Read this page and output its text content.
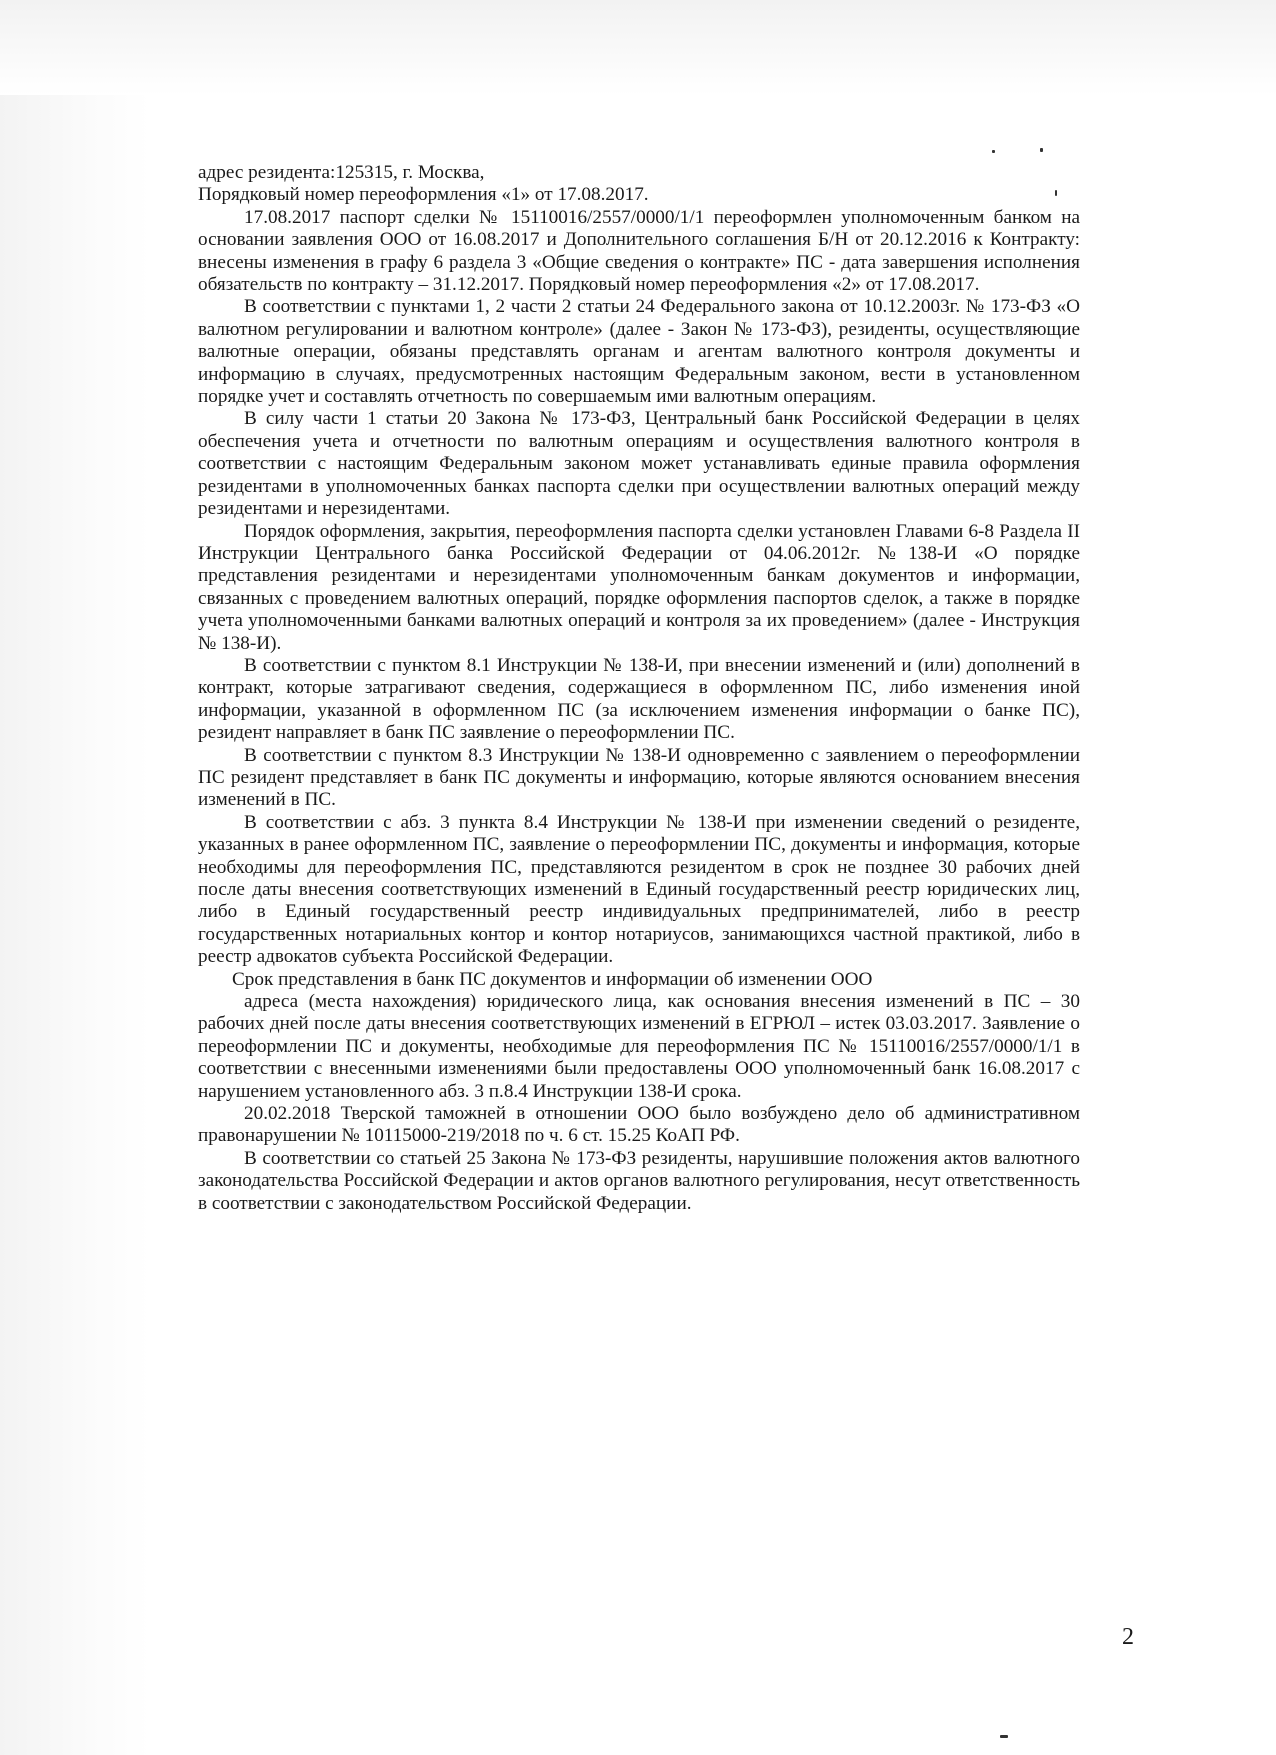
адрес резидента:125315, г. Москва,

Порядковый номер переоформления «1» от 17.08.2017.

17.08.2017 паспорт сделки № 15110016/2557/0000/1/1 переоформлен уполномоченным банком на основании заявления ООО от 16.08.2017 и Дополнительного соглашения Б/Н от 20.12.2016 к Контракту: внесены изменения в графу 6 раздела 3 «Общие сведения о контракте» ПС - дата завершения исполнения обязательств по контракту – 31.12.2017. Порядковый номер переоформления «2» от 17.08.2017.

В соответствии с пунктами 1, 2 части 2 статьи 24 Федерального закона от 10.12.2003г. № 173-ФЗ «О валютном регулировании и валютном контроле» (далее - Закон № 173-ФЗ), резиденты, осуществляющие валютные операции, обязаны представлять органам и агентам валютного контроля документы и информацию в случаях, предусмотренных настоящим Федеральным законом, вести в установленном порядке учет и составлять отчетность по совершаемым ими валютным операциям.

В силу части 1 статьи 20 Закона № 173-ФЗ, Центральный банк Российской Федерации в целях обеспечения учета и отчетности по валютным операциям и осуществления валютного контроля в соответствии с настоящим Федеральным законом может устанавливать единые правила оформления резидентами в уполномоченных банках паспорта сделки при осуществлении валютных операций между резидентами и нерезидентами.

Порядок оформления, закрытия, переоформления паспорта сделки установлен Главами 6-8 Раздела II Инструкции Центрального банка Российской Федерации от 04.06.2012г. №138-И «О порядке представления резидентами и нерезидентами уполномоченным банкам документов и информации, связанных с проведением валютных операций, порядке оформления паспортов сделок, а также в порядке учета уполномоченными банками валютных операций и контроля за их проведением» (далее - Инструкция № 138-И).

В соответствии с пунктом 8.1 Инструкции № 138-И, при внесении изменений и (или) дополнений в контракт, которые затрагивают сведения, содержащиеся в оформленном ПС, либо изменения иной информации, указанной в оформленном ПС (за исключением изменения информации о банке ПС), резидент направляет в банк ПС заявление о переоформлении ПС.

В соответствии с пунктом 8.3 Инструкции № 138-И одновременно с заявлением о переоформлении ПС резидент представляет в банк ПС документы и информацию, которые являются основанием внесения изменений в ПС.

В соответствии с абз. 3 пункта 8.4 Инструкции № 138-И при изменении сведений о резиденте, указанных в ранее оформленном ПС, заявление о переоформлении ПС, документы и информация, которые необходимы для переоформления ПС, представляются резидентом в срок не позднее 30 рабочих дней после даты внесения соответствующих изменений в Единый государственный реестр юридических лиц, либо в Единый государственный реестр индивидуальных предпринимателей, либо в реестр государственных нотариальных контор и контор нотариусов, занимающихся частной практикой, либо в реестр адвокатов субъекта Российской Федерации.

Срок представления в банк ПС документов и информации об изменении ООО

адреса (места нахождения) юридического лица, как основания внесения изменений в ПС – 30 рабочих дней после даты внесения соответствующих изменений в ЕГРЮЛ – истек 03.03.2017. Заявление о переоформлении ПС и документы, необходимые для переоформления ПС № 15110016/2557/0000/1/1 в соответствии с внесенными изменениями были предоставлены ООО уполномоченный банк 16.08.2017 с нарушением установленного абз. 3 п.8.4 Инструкции 138-И срока.

20.02.2018 Тверской таможней в отношении ООО было возбуждено дело об административном правонарушении № 10115000-219/2018 по ч. 6 ст. 15.25 КоАП РФ.

В соответствии со статьей 25 Закона № 173-ФЗ резиденты, нарушившие положения актов валютного законодательства Российской Федерации и актов органов валютного регулирования, несут ответственность в соответствии с законодательством Российской Федерации.

2
